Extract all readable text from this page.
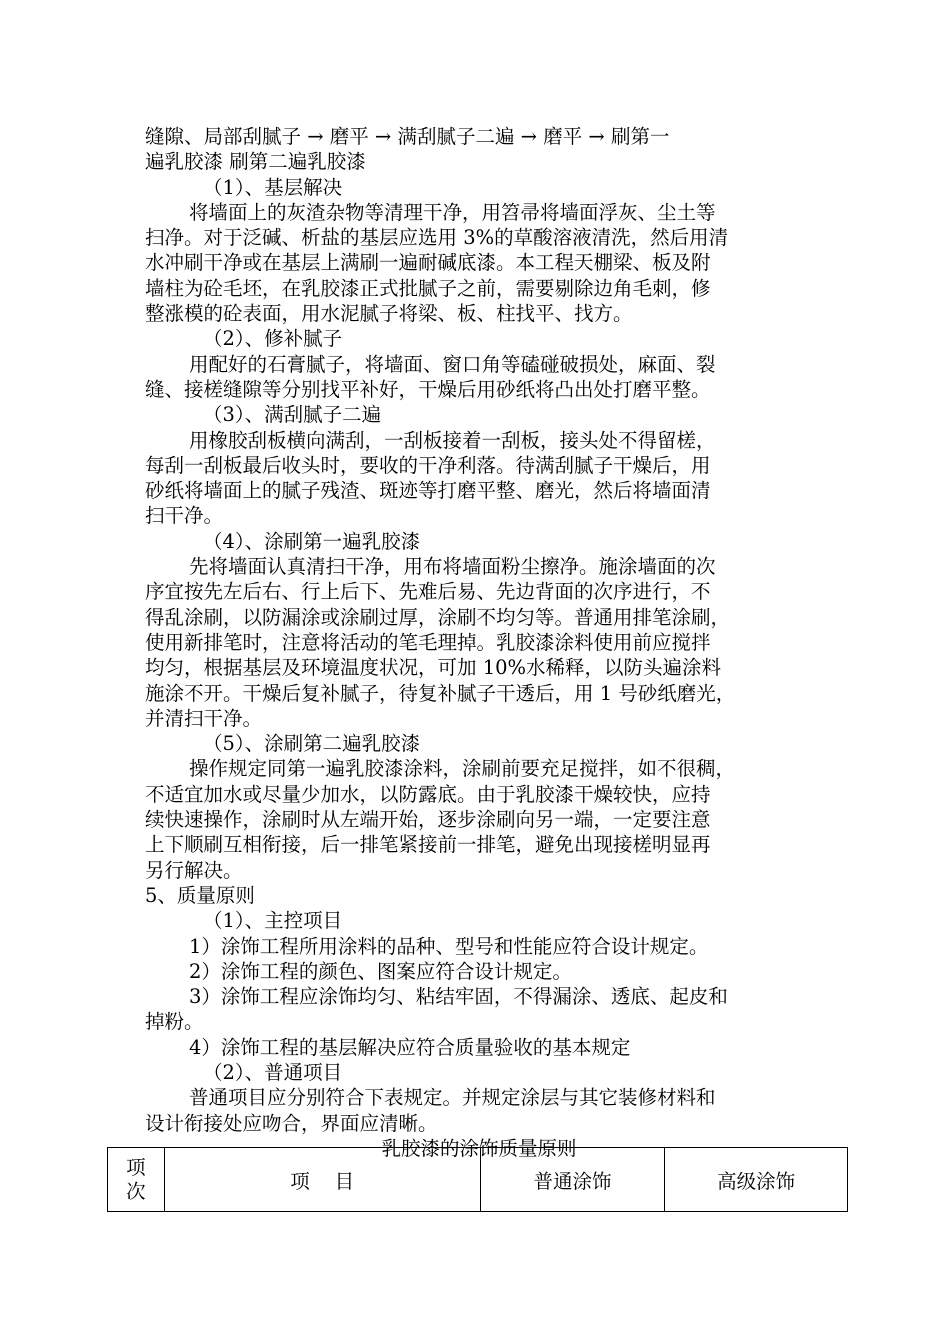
缝隙、局部刮腻子 → 磨平 → 满刮腻子二遍 → 磨平 → 刷第一
遍乳胶漆 刷第二遍乳胶漆
（1）、基层解决
将墙面上的灰渣杂物等清理干净，用笤帚将墙面浮灰、尘土等
扫净。对于泛碱、析盐的基层应选用 3%的草酸溶液清洗，然后用清
水冲刷干净或在基层上满刷一遍耐碱底漆。本工程天棚梁、板及附
墙柱为砼毛坯，在乳胶漆正式批腻子之前，需要剔除边角毛刺，修
整涨模的砼表面，用水泥腻子将梁、板、柱找平、找方。
（2）、修补腻子
用配好的石膏腻子，将墙面、窗口角等磕碰破损处，麻面、裂
缝、接槎缝隙等分别找平补好，干燥后用砂纸将凸出处打磨平整。
（3）、满刮腻子二遍
用橡胶刮板横向满刮，一刮板接着一刮板，接头处不得留槎，
每刮一刮板最后收头时，要收的干净利落。待满刮腻子干燥后，用
砂纸将墙面上的腻子残渣、斑迹等打磨平整、磨光，然后将墙面清
扫干净。
（4）、涂刷第一遍乳胶漆
先将墙面认真清扫干净，用布将墙面粉尘擦净。施涂墙面的次
序宜按先左后右、行上后下、先难后易、先边背面的次序进行，不
得乱涂刷，以防漏涂或涂刷过厚，涂刷不均匀等。普通用排笔涂刷，
使用新排笔时，注意将活动的笔毛理掉。乳胶漆涂料使用前应搅拌
均匀，根据基层及环境温度状况，可加 10%水稀释，以防头遍涂料
施涂不开。干燥后复补腻子，待复补腻子干透后，用 1 号砂纸磨光，
并清扫干净。
（5）、涂刷第二遍乳胶漆
操作规定同第一遍乳胶漆涂料，涂刷前要充足搅拌，如不很稠，
不适宜加水或尽量少加水，以防露底。由于乳胶漆干燥较快，应持
续快速操作，涂刷时从左端开始，逐步涂刷向另一端，一定要注意
上下顺刷互相衔接，后一排笔紧接前一排笔，避免出现接槎明显再
另行解决。
5、质量原则
（1）、主控项目
1）涂饰工程所用涂料的品种、型号和性能应符合设计规定。
2）涂饰工程的颜色、图案应符合设计规定。
3）涂饰工程应涂饰均匀、粘结牢固，不得漏涂、透底、起皮和
掉粉。
4）涂饰工程的基层解决应符合质量验收的基本规定
（2）、普通项目
普通项目应分别符合下表规定。并规定涂层与其它装修材料和
设计衔接处应吻合，界面应清晰。
乳胶漆的涂饰质量原则
项
次	项    目	普通涂饰	高级涂饰
